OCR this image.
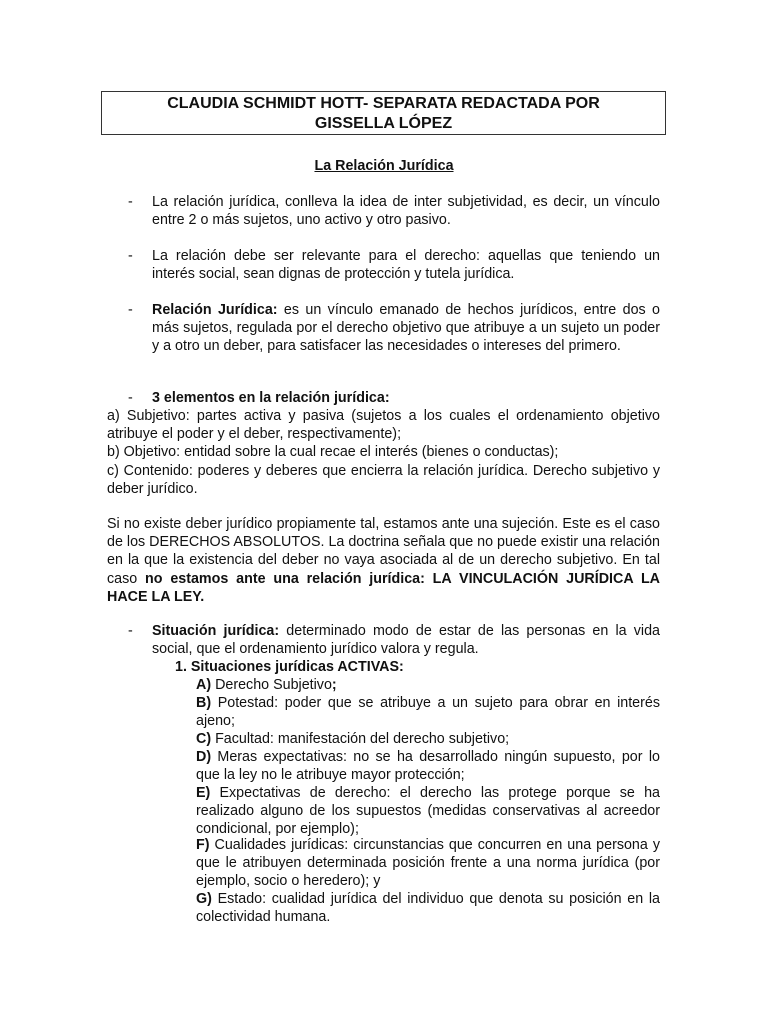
CLAUDIA SCHMIDT HOTT- SEPARATA REDACTADA POR
GISSELLA LÓPEZ
La Relación Jurídica
- La relación jurídica, conlleva la idea de inter subjetividad, es decir, un vínculo entre 2 o más sujetos, uno activo y otro pasivo.
- La relación debe ser relevante para el derecho: aquellas que teniendo un interés social, sean dignas de protección y tutela jurídica.
- Relación Jurídica: es un vínculo emanado de hechos jurídicos, entre dos o más sujetos, regulada por el derecho objetivo que atribuye a un sujeto un poder y a otro un deber, para satisfacer las necesidades o intereses del primero.
- 3 elementos en la relación jurídica:
a) Subjetivo: partes activa y pasiva (sujetos a los cuales el ordenamiento objetivo atribuye el poder y el deber, respectivamente);
b) Objetivo: entidad sobre la cual recae el interés (bienes o conductas);
c) Contenido: poderes y deberes que encierra la relación jurídica. Derecho subjetivo y deber jurídico.
Si no existe deber jurídico propiamente tal, estamos ante una sujeción. Este es el caso de los DERECHOS ABSOLUTOS. La doctrina señala que no puede existir una relación en la que la existencia del deber no vaya asociada al de un derecho subjetivo. En tal caso no estamos ante una relación jurídica: LA VINCULACIÓN JURÍDICA LA HACE LA LEY.
- Situación jurídica: determinado modo de estar de las personas en la vida social, que el ordenamiento jurídico valora y regula.
1. Situaciones jurídicas ACTIVAS:
A) Derecho Subjetivo;
B) Potestad: poder que se atribuye a un sujeto para obrar en interés ajeno;
C) Facultad: manifestación del derecho subjetivo;
D) Meras expectativas: no se ha desarrollado ningún supuesto, por lo que la ley no le atribuye mayor protección;
E) Expectativas de derecho: el derecho las protege porque se ha realizado alguno de los supuestos (medidas conservativas al acreedor condicional, por ejemplo);
F) Cualidades jurídicas: circunstancias que concurren en una persona y que le atribuyen determinada posición frente a una norma jurídica (por ejemplo, socio o heredero); y
G) Estado: cualidad jurídica del individuo que denota su posición en la colectividad humana.
